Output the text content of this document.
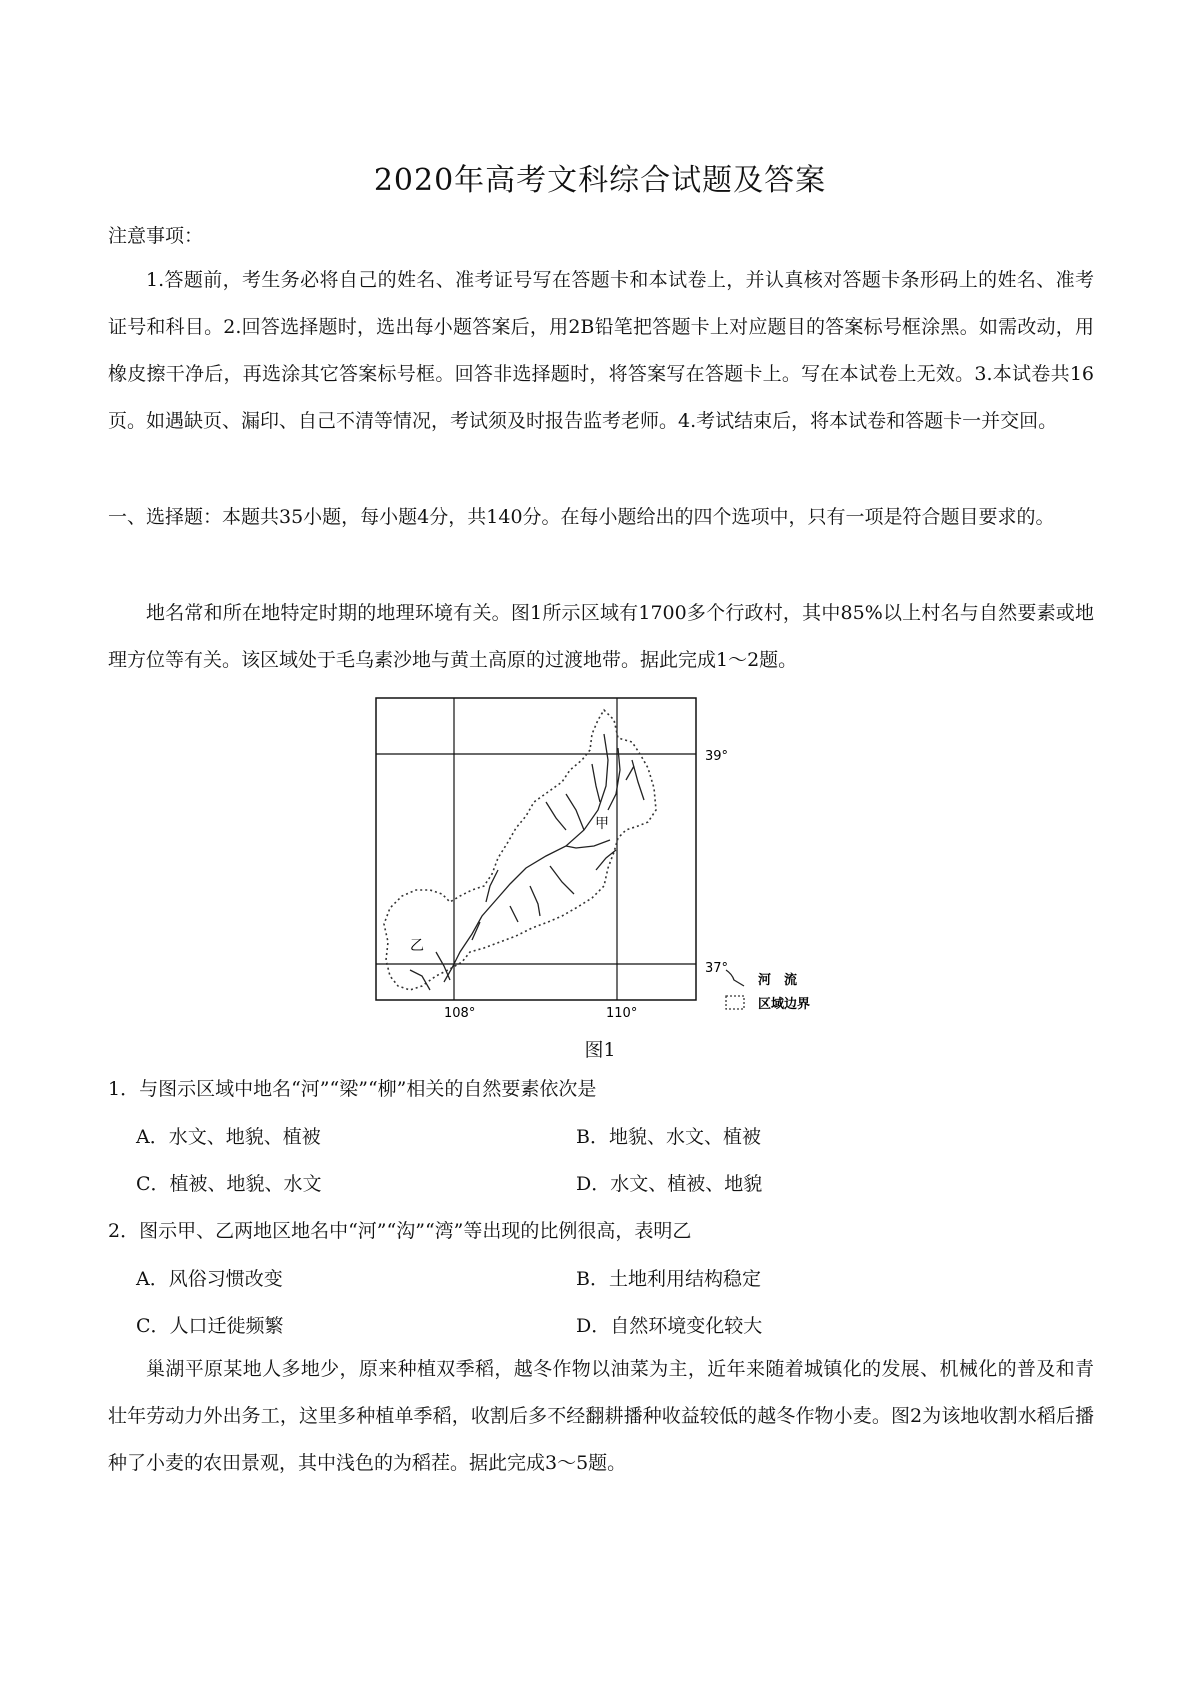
2020年高考文科综合试题及答案
注意事项：
1.答题前，考生务必将自己的姓名、准考证号写在答题卡和本试卷上，并认真核对答题卡条形码上的姓名、准考证号和科目。2.回答选择题时，选出每小题答案后，用2B铅笔把答题卡上对应题目的答案标号框涂黑。如需改动，用橡皮擦干净后，再选涂其它答案标号框。回答非选择题时，将答案写在答题卡上。写在本试卷上无效。3.本试卷共16页。如遇缺页、漏印、自己不清等情况，考试须及时报告监考老师。4.考试结束后，将本试卷和答题卡一并交回。
一、选择题：本题共35小题，每小题4分，共140分。在每小题给出的四个选项中，只有一项是符合题目要求的。
地名常和所在地特定时期的地理环境有关。图1所示区域有1700多个行政村，其中85%以上村名与自然要素或地理方位等有关。该区域处于毛乌素沙地与黄土高原的过渡地带。据此完成1～2题。
39°
37°
108°	110°
甲
乙
河　流
区域边界
图1
1．与图示区域中地名“河”“梁”“柳”相关的自然要素依次是
A．水文、地貌、植被	B．地貌、水文、植被
C．植被、地貌、水文	D．水文、植被、地貌
2．图示甲、乙两地区地名中“河”“沟”“湾”等出现的比例很高，表明乙
A．风俗习惯改变	B．土地利用结构稳定
C．人口迁徙频繁	D．自然环境变化较大
巢湖平原某地人多地少，原来种植双季稻，越冬作物以油菜为主，近年来随着城镇化的发展、机械化的普及和青壮年劳动力外出务工，这里多种植单季稻，收割后多不经翻耕播种收益较低的越冬作物小麦。图2为该地收割水稻后播种了小麦的农田景观，其中浅色的为稻茬。据此完成3～5题。
